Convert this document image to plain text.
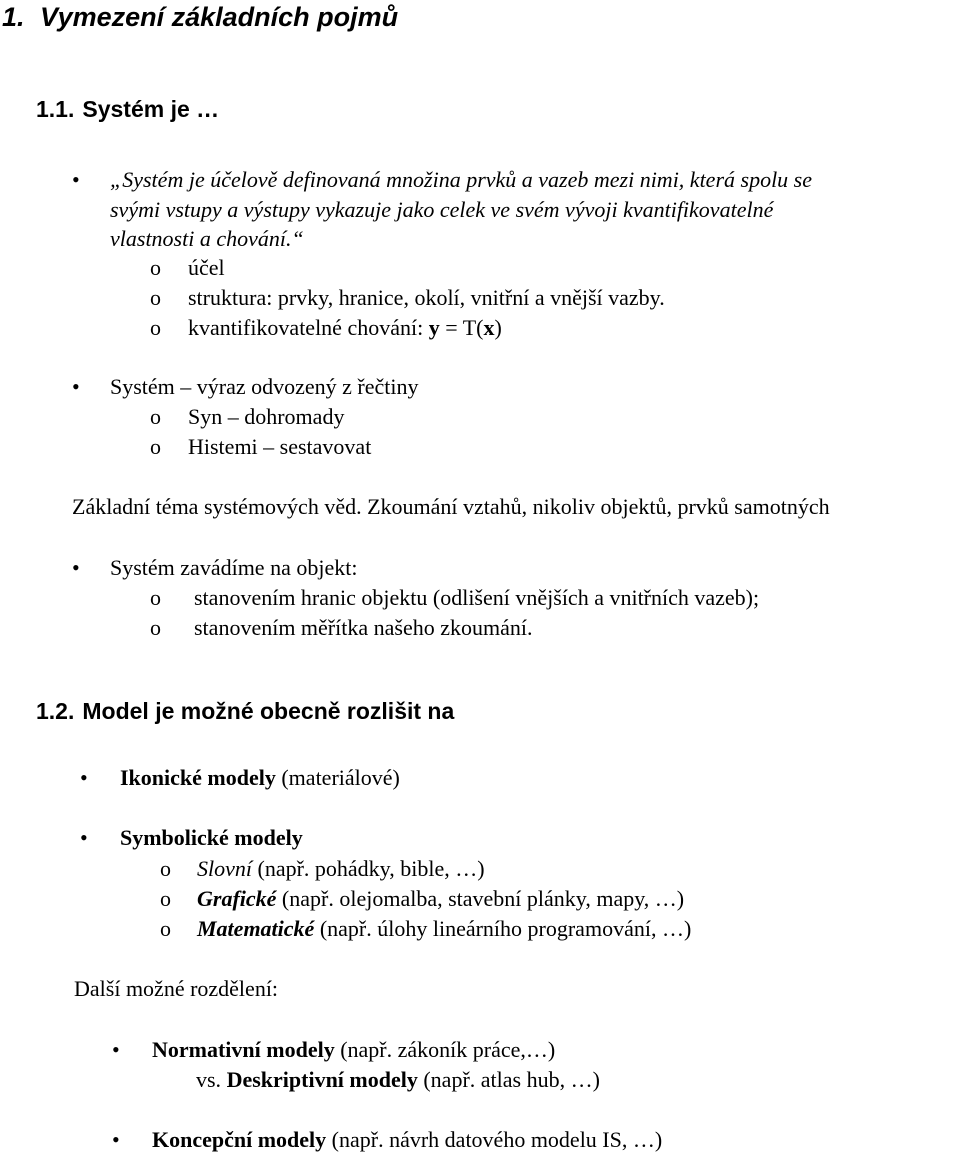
1. Vymezení základních pojmů
1.1. Systém je …
• „Systém je účelově definovaná množina prvků a vazeb mezi nimi, která spolu se
svými vstupy a výstupy vykazuje jako celek ve svém vývoji kvantifikovatelné
vlastnosti a chování.“
o účel
o struktura: prvky, hranice, okolí, vnitřní a vnější vazby.
o kvantifikovatelné chování: y = T(x)
• Systém – výraz odvozený z řečtiny
o Syn – dohromady
o Histemi – sestavovat
Základní téma systémových věd. Zkoumání vztahů, nikoliv objektů, prvků samotných
• Systém zavádíme na objekt:
o stanovením hranic objektu (odlišení vnějších a vnitřních vazeb);
o stanovením měřítka našeho zkoumání.
1.2. Model je možné obecně rozlišit na
• Ikonické modely (materiálové)
• Symbolické modely
o Slovní (např. pohádky, bible, …)
o Grafické (např. olejomalba, stavební plánky, mapy, …)
o Matematické (např. úlohy lineárního programování, …)
Další možné rozdělení:
• Normativní modely (např. zákoník práce,…)
vs. Deskriptivní modely (např. atlas hub, …)
• Koncepční modely (např. návrh datového modelu IS, …)
